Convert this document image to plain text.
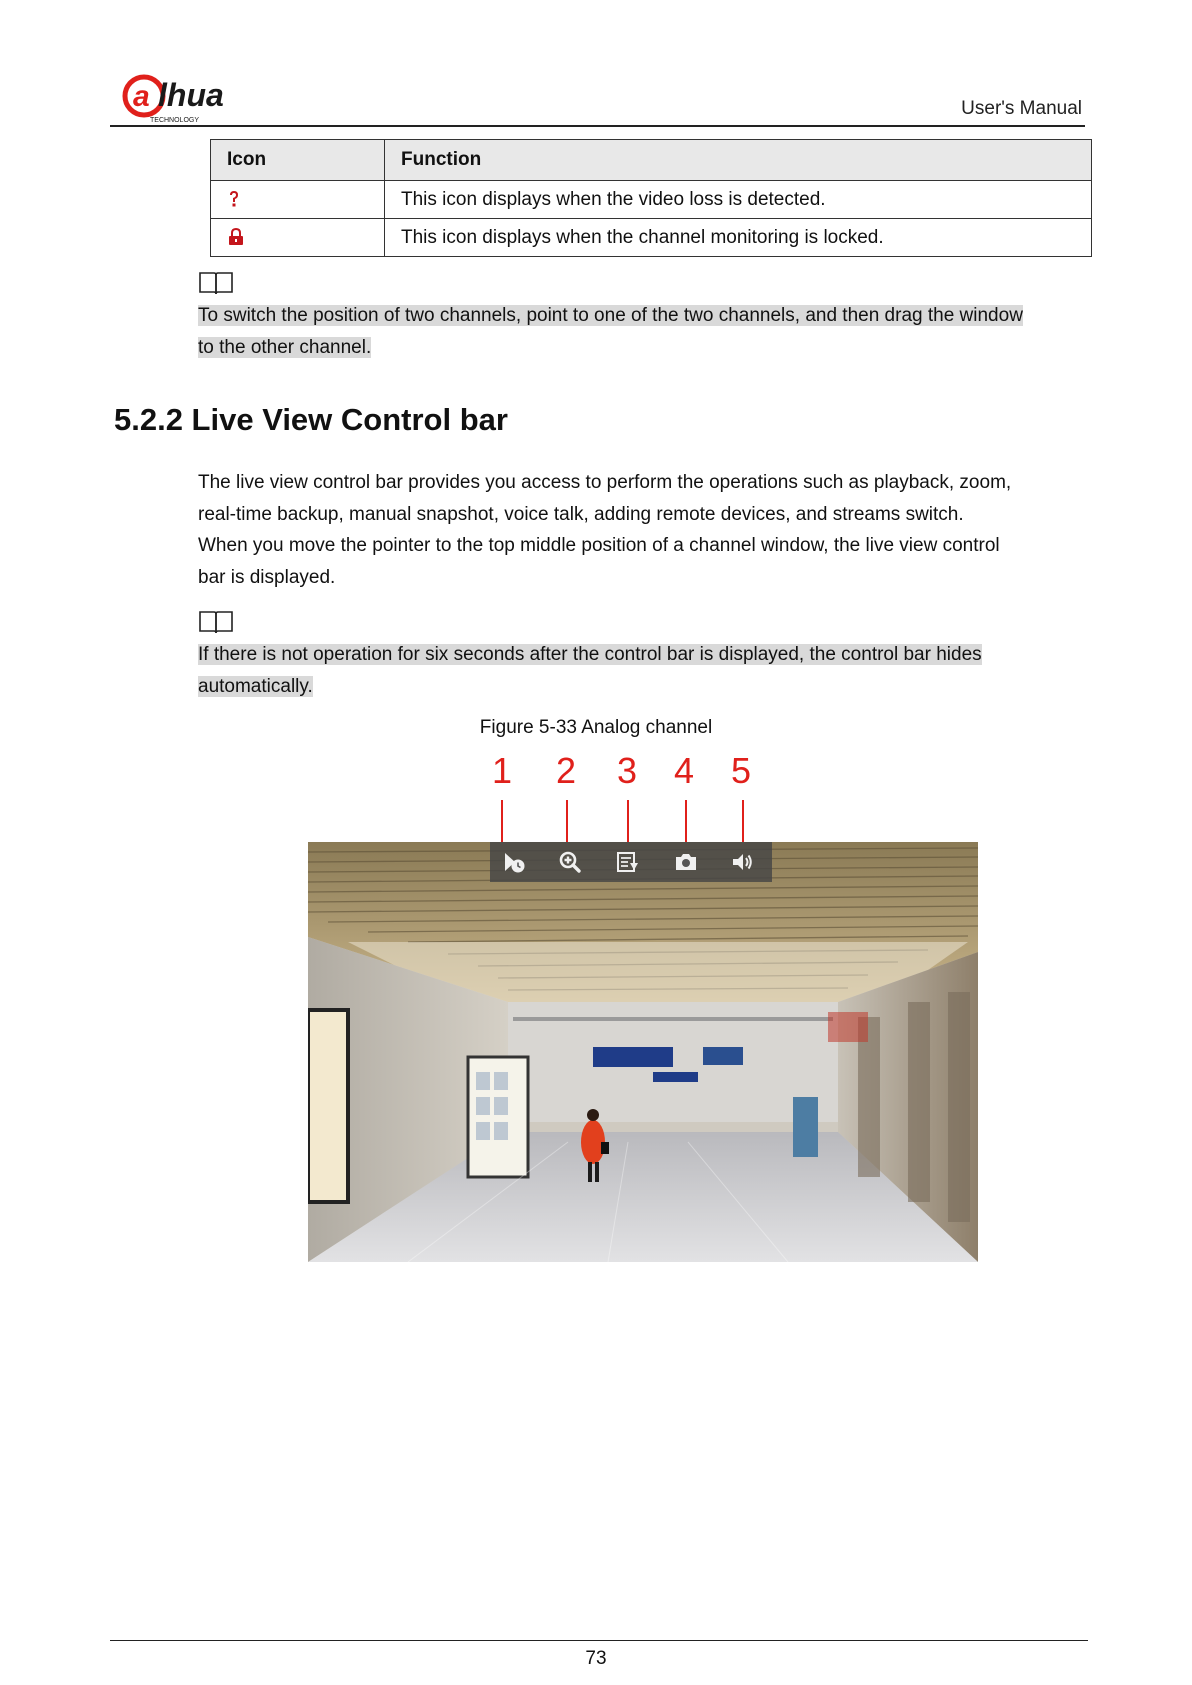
a lhua
TECHNOLOGY
User's Manual
Icon	Function
	This icon displays when the video loss is detected.
	This icon displays when the channel monitoring is locked.
To switch the position of two channels, point to one of the two channels, and then drag the window
to the other channel.
5.2.2 Live View Control bar

The live view control bar provides you access to perform the operations such as playback, zoom,
real-time backup, manual snapshot, voice talk, adding remote devices, and streams switch.
When you move the pointer to the top middle position of a channel window, the live view control
bar is displayed.

If there is not operation for six seconds after the control bar is displayed, the control bar hides
automatically.
Figure 5-33 Analog channel
1 2 3 4 5
73
